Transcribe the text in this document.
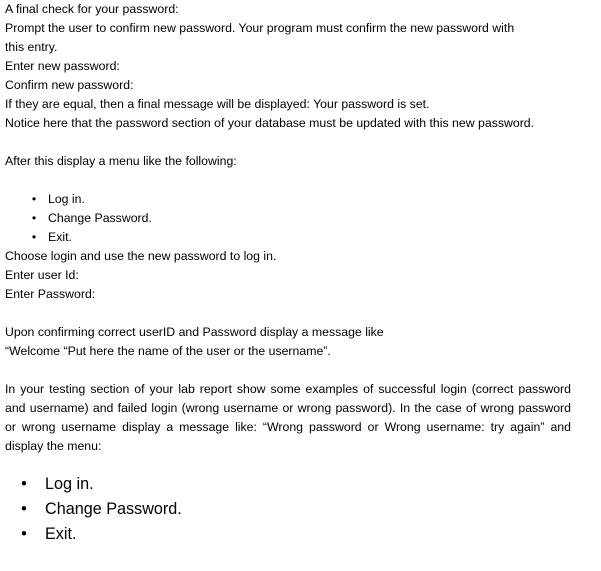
A final check for your password:
Prompt the user to confirm new password. Your program must confirm the new password with
this entry.
Enter new password:
Confirm new password:
If they are equal, then a final message will be displayed: Your password is set.
Notice here that the password section of your database must be updated with this new password.
After this display a menu like the following:
• Log in.
• Change Password.
• Exit.
Choose login and use the new password to log in.
Enter user Id:
Enter Password:
Upon confirming correct userID and Password display a message like
“Welcome “Put here the name of the user or the username”.
In your testing section of your lab report show some examples of successful login (correct password and username) and failed login (wrong username or wrong password). In the case of wrong password or wrong username display a message like: “Wrong password or Wrong username: try again” and display the menu:
• Log in.
• Change Password.
• Exit.
